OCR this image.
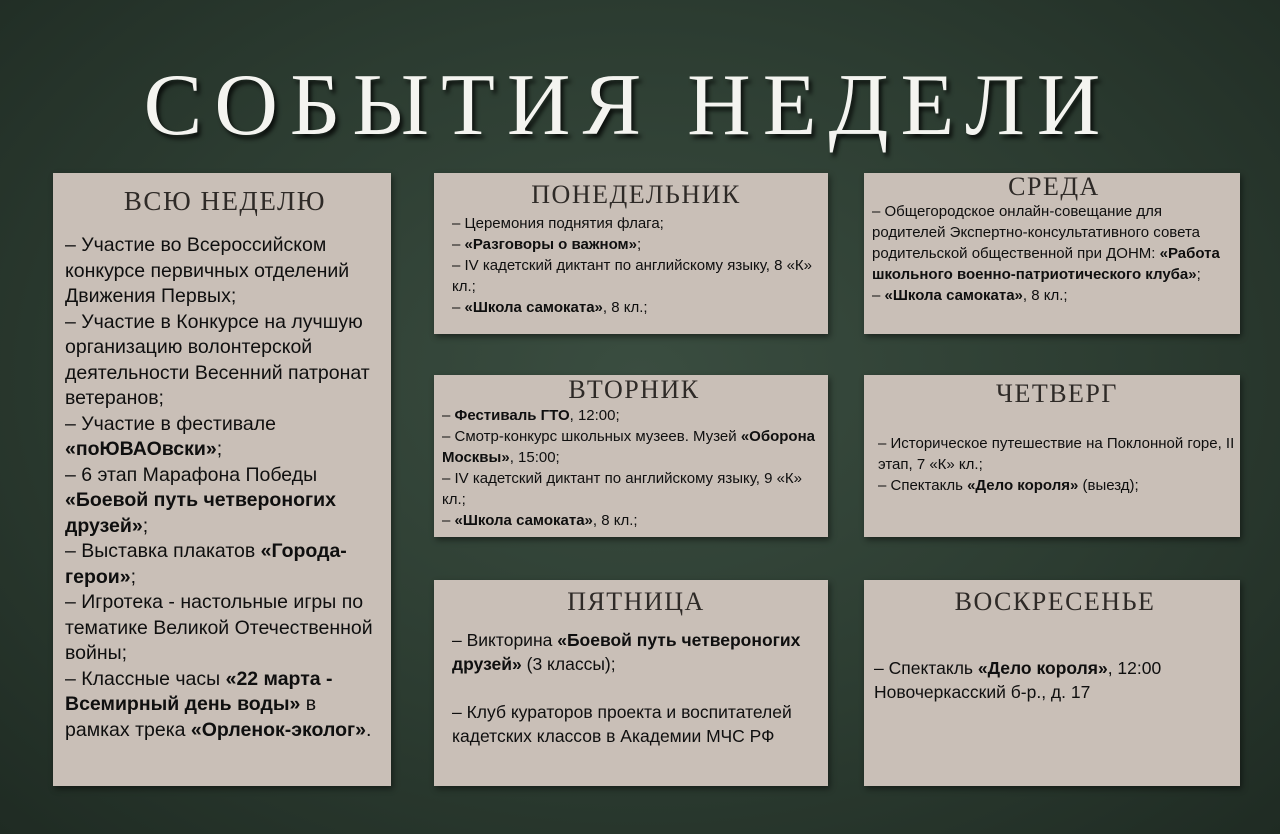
СОБЫТИЯ НЕДЕЛИ
ВСЮ НЕДЕЛЮ
– Участие во Всероссийском конкурсе первичных отделений Движения Первых;
– Участие в Конкурсе на лучшую организацию волонтерской деятельности Весенний патронат ветеранов;
– Участие в фестивале «поЮВАОвски»;
– 6 этап Марафона Победы «Боевой путь четвероногих друзей»;
– Выставка плакатов «Города-герои»;
– Игротека - настольные игры по тематике Великой Отечественной войны;
– Классные часы «22 марта - Всемирный день воды» в рамках трека «Орленок-эколог».
ПОНЕДЕЛЬНИК
– Церемония поднятия флага;
– «Разговоры о важном»;
– IV кадетский диктант по английскому языку, 8 «К» кл.;
– «Школа самоката», 8 кл.;
СРЕДА
– Общегородское онлайн-совещание для родителей Экспертно-консультативного совета родительской общественной при ДОНМ: «Работа школьного военно-патриотического клуба»;
– «Школа самоката», 8 кл.;
ВТОРНИК
– Фестиваль ГТО, 12:00;
– Смотр-конкурс школьных музеев. Музей «Оборона Москвы», 15:00;
– IV кадетский диктант по английскому языку, 9 «К» кл.;
– «Школа самоката», 8 кл.;
ЧЕТВЕРГ
– Историческое путешествие на Поклонной горе, II этап, 7 «К» кл.;
– Спектакль «Дело короля» (выезд);
ПЯТНИЦА
– Викторина «Боевой путь четвероногих друзей» (3 классы);
– Клуб кураторов проекта и воспитателей кадетских классов в Академии МЧС РФ
ВОСКРЕСЕНЬЕ
– Спектакль «Дело короля», 12:00 Новочеркасский б-р., д. 17
